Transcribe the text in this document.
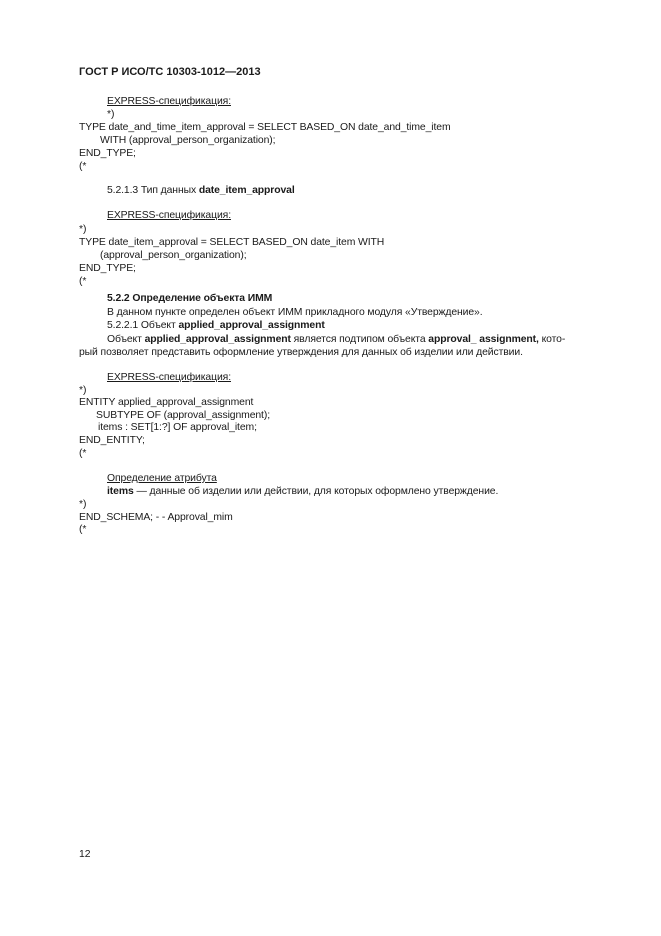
ГОСТ Р ИСО/ТС 10303-1012—2013
EXPRESS-спецификация:
*)
TYPE date_and_time_item_approval = SELECT BASED_ON date_and_time_item
WITH (approval_person_organization);
END_TYPE;
(*
5.2.1.3 Тип данных date_item_approval
EXPRESS-спецификация:
*)
TYPE date_item_approval = SELECT BASED_ON date_item WITH
(approval_person_organization);
END_TYPE;
(*
5.2.2 Определение объекта ИММ
В данном пункте определен объект ИММ прикладного модуля «Утверждение».
5.2.2.1 Объект applied_approval_assignment
Объект applied_approval_assignment является подтипом объекта approval_ assignment, кото-
рый позволяет представить оформление утверждения для данных об изделии или действии.
EXPRESS-спецификация:
*)
ENTITY applied_approval_assignment
SUBTYPE OF (approval_assignment);
items : SET[1:?] OF approval_item;
END_ENTITY;
(*
Определение атрибута
items — данные об изделии или действии, для которых оформлено утверждение.
*)
END_SCHEMA; - - Approval_mim
(*
12
